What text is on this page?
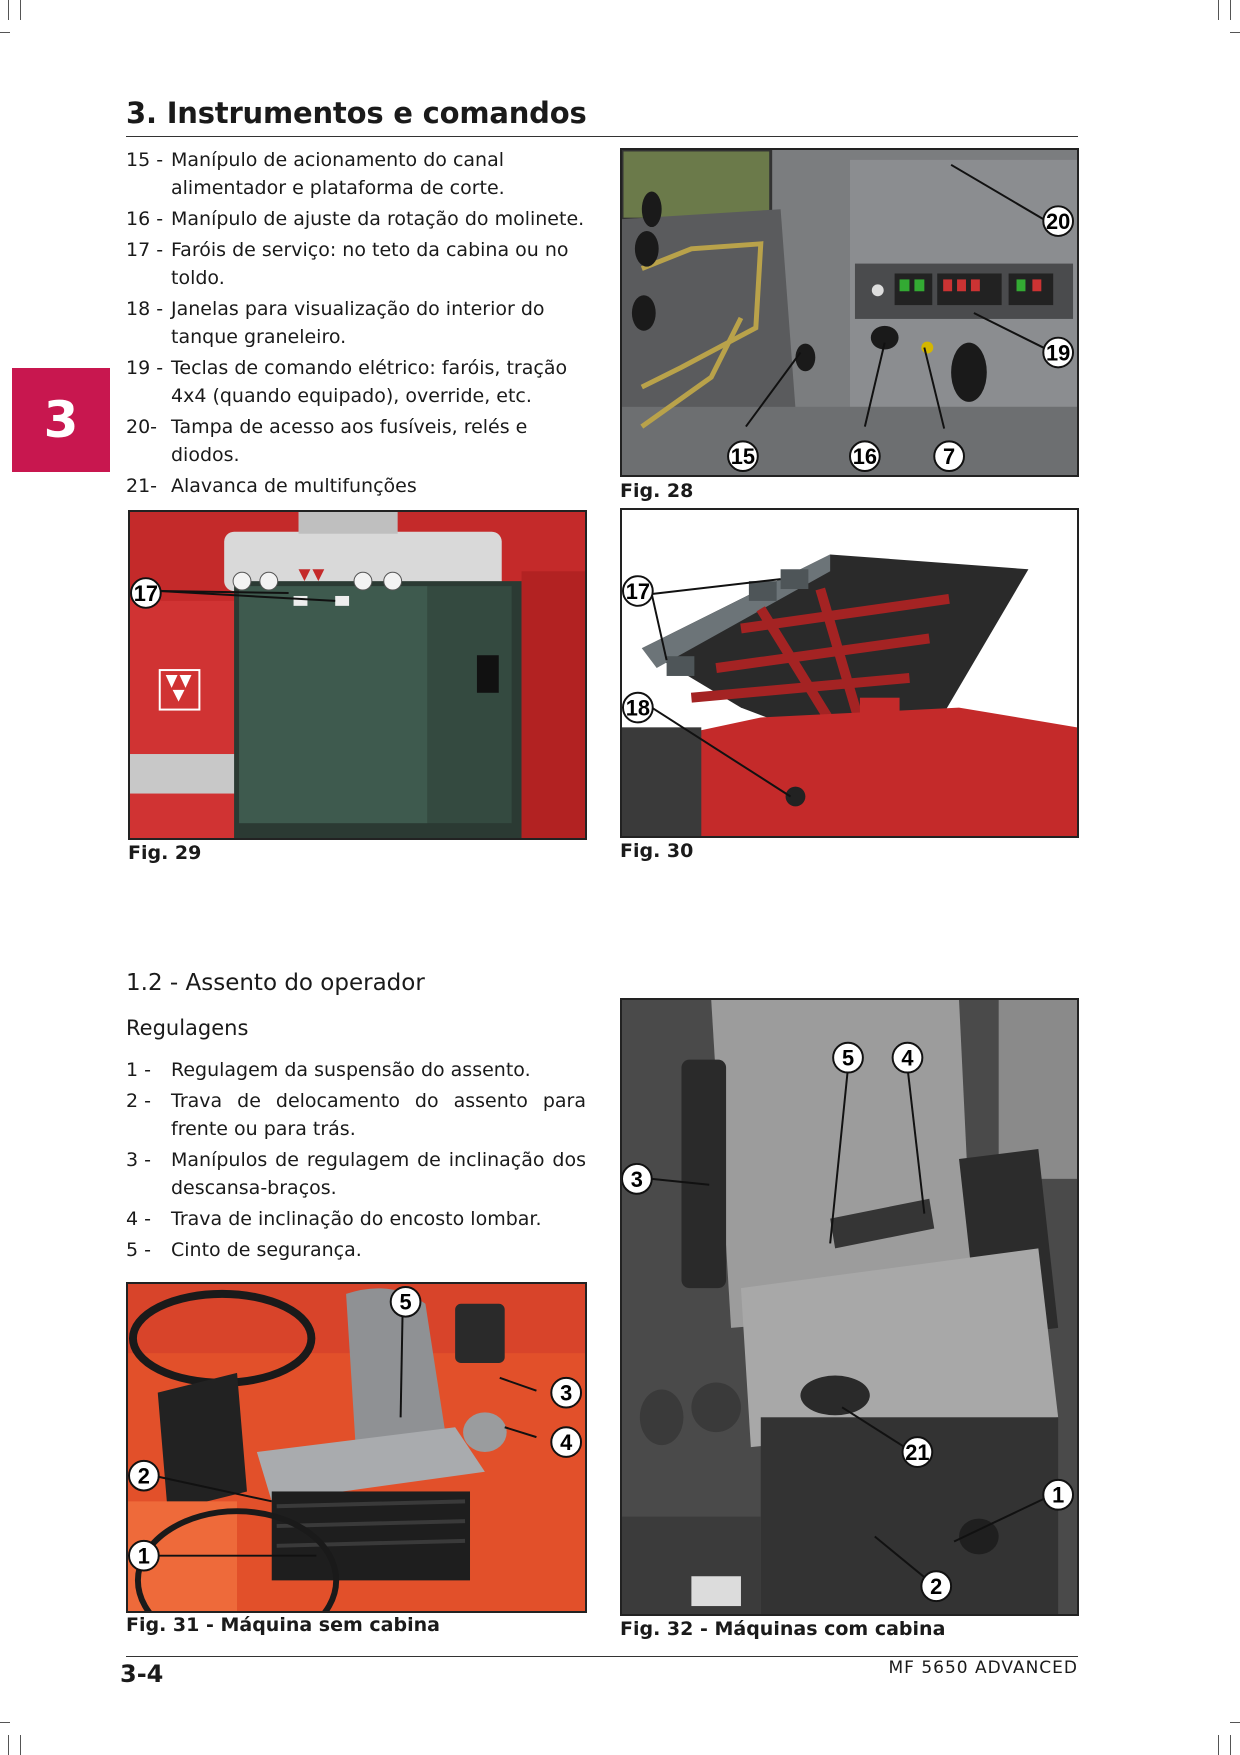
3
3. Instrumentos e comandos
15 - Manípulo de acionamento do canal alimentador e plataforma de corte.
16 - Manípulo de ajuste da rotação do molinete.
17 - Faróis de serviço: no teto da cabina ou no toldo.
18 - Janelas para visualização do interior do tanque graneleiro.
19 - Teclas de comando elétrico: faróis, tração 4x4 (quando equipado), override, etc.
20- Tampa de acesso aos fusíveis, relés e diodos.
21- Alavanca de multifunções
20
19
15	16	7
Fig. 28
17
Fig. 29
17
18
Fig. 30
1.2 - Assento do operador
Regulagens
1 -	Regulagem da suspensão do assento.
2 -	Trava de delocamento do assento para frente ou para trás.
3 -	Manípulos de regulagem de inclinação dos descansa-braços.
4 -	Trava de inclinação do encosto lombar.
5 -	Cinto de segurança.
5
3
4
2
1
Fig. 31 - Máquina sem cabina
5 4
3
21
1
2
Fig. 32 - Máquinas com cabina
3-4	MF 5650 ADVANCED
